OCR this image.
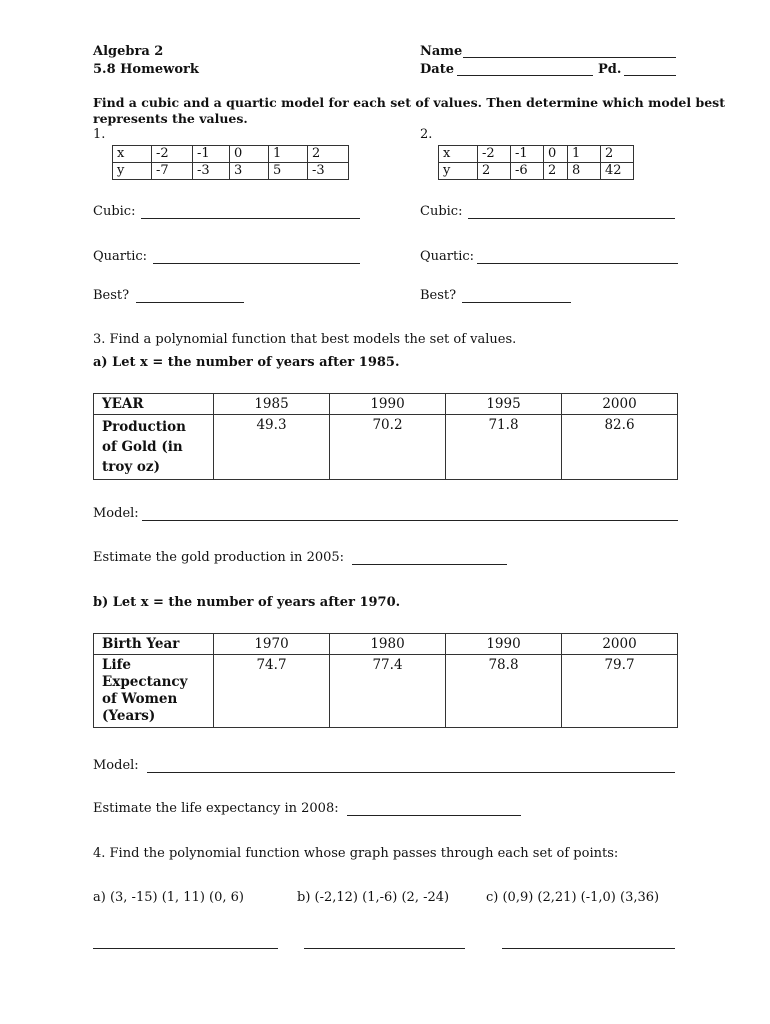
Algebra 2
5.8 Homework
Name
Date	Pd.
Find a cubic and a quartic model for each set of values. Then determine which model best
represents the values.
1.
x	-2	-1	0	1	2
y	-7	-3	3	5	-3
Cubic:
Quartic:
Best?
2.
x	-2	-1	0	1	2
y	2	-6	2	8	42
Cubic:
Quartic:
Best?
3. Find a polynomial function that best models the set of values.
a) Let x = the number of years after 1985.
YEAR	1985	1990	1995	2000
Production of Gold (in troy oz)	49.3	70.2	71.8	82.6
Model:
Estimate the gold production in 2005:
b) Let x = the number of years after 1970.
Birth Year	1970	1980	1990	2000
Life Expectancy of Women (Years)	74.7	77.4	78.8	79.7
Model:
Estimate the life expectancy in 2008:
4. Find the polynomial function whose graph passes through each set of points:
a) (3, -15) (1, 11) (0, 6)	b) (-2,12) (1,-6) (2, -24)	c) (0,9) (2,21) (-1,0) (3,36)
